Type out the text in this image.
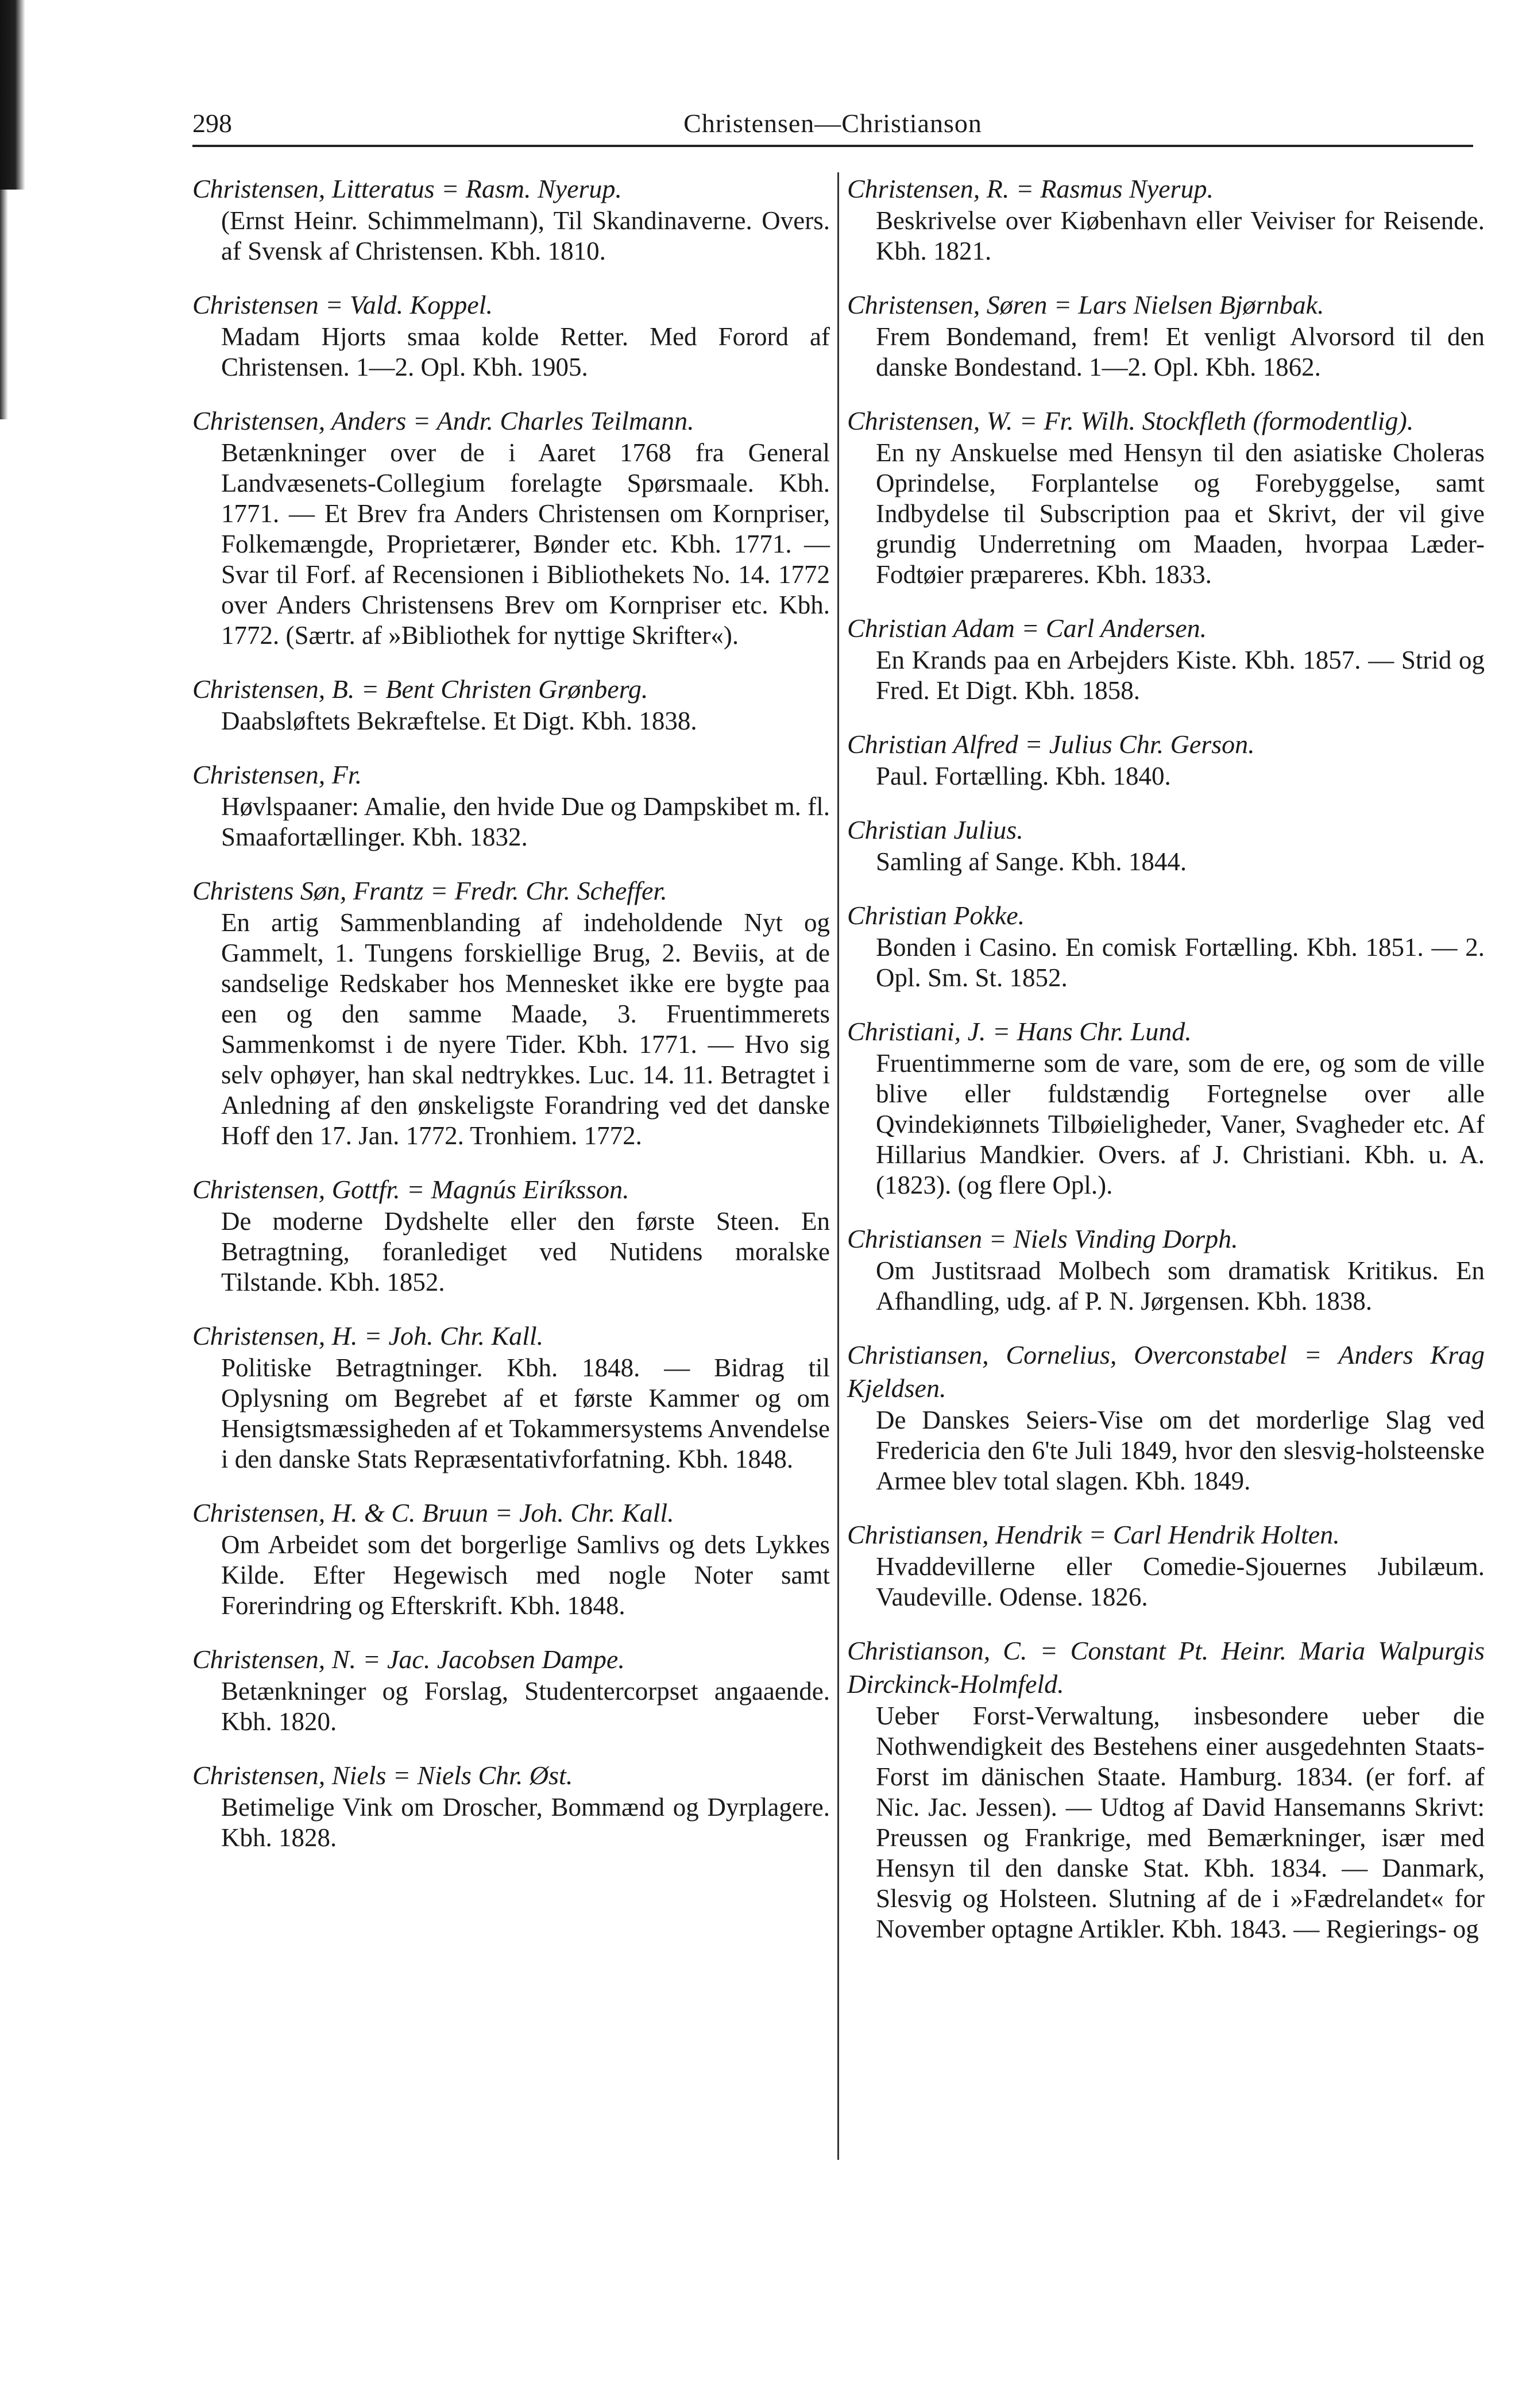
298	Christensen—Christianson
Christensen, Litteratus = Rasm. Nyerup.
(Ernst Heinr. Schimmelmann), Til Skandinaverne. Overs. af Svensk af Christensen. Kbh. 1810.
Christensen = Vald. Koppel.
Madam Hjorts smaa kolde Retter. Med Forord af Christensen. 1—2. Opl. Kbh. 1905.
Christensen, Anders = Andr. Charles Teilmann.
Betænkninger over de i Aaret 1768 fra General Landvæsenets-Collegium forelagte Spørsmaale. Kbh. 1771. — Et Brev fra Anders Christensen om Kornpriser, Folkemængde, Proprietærer, Bønder etc. Kbh. 1771. — Svar til Forf. af Recensionen i Bibliothekets No. 14. 1772 over Anders Christensens Brev om Kornpriser etc. Kbh. 1772. (Særtr. af »Bibliothek for nyttige Skrifter«).
Christensen, B. = Bent Christen Grønberg.
Daabsløftets Bekræftelse. Et Digt. Kbh. 1838.
Christensen, Fr.
Høvlspaaner: Amalie, den hvide Due og Dampskibet m. fl. Smaafortællinger. Kbh. 1832.
Christens Søn, Frantz = Fredr. Chr. Scheffer.
En artig Sammenblanding af indeholdende Nyt og Gammelt, 1. Tungens forskiellige Brug, 2. Beviis, at de sandselige Redskaber hos Mennesket ikke ere bygte paa een og den samme Maade, 3. Fruentimmerets Sammenkomst i de nyere Tider. Kbh. 1771. — Hvo sig selv ophøyer, han skal nedtrykkes. Luc. 14. 11. Betragtet i Anledning af den ønskeligste Forandring ved det danske Hoff den 17. Jan. 1772. Tronhiem. 1772.
Christensen, Gottfr. = Magnús Eiríksson.
De moderne Dydshelte eller den første Steen. En Betragtning, foranlediget ved Nutidens moralske Tilstande. Kbh. 1852.
Christensen, H. = Joh. Chr. Kall.
Politiske Betragtninger. Kbh. 1848. — Bidrag til Oplysning om Begrebet af et første Kammer og om Hensigtsmæssigheden af et Tokammersystems Anvendelse i den danske Stats Repræsentativforfatning. Kbh. 1848.
Christensen, H. & C. Bruun = Joh. Chr. Kall.
Om Arbeidet som det borgerlige Samlivs og dets Lykkes Kilde. Efter Hegewisch med nogle Noter samt Forerindring og Efterskrift. Kbh. 1848.
Christensen, N. = Jac. Jacobsen Dampe.
Betænkninger og Forslag, Studentercorpset angaaende. Kbh. 1820.
Christensen, Niels = Niels Chr. Øst.
Betimelige Vink om Droscher, Bommænd og Dyrplagere. Kbh. 1828.
Christensen, R. = Rasmus Nyerup.
Beskrivelse over Kiøbenhavn eller Veiviser for Reisende. Kbh. 1821.
Christensen, Søren = Lars Nielsen Bjørnbak.
Frem Bondemand, frem! Et venligt Alvorsord til den danske Bondestand. 1—2. Opl. Kbh. 1862.
Christensen, W. = Fr. Wilh. Stockfleth (formodentlig).
En ny Anskuelse med Hensyn til den asiatiske Choleras Oprindelse, Forplantelse og Forebyggelse, samt Indbydelse til Subscription paa et Skrivt, der vil give grundig Underretning om Maaden, hvorpaa Læder-Fodtøier præpareres. Kbh. 1833.
Christian Adam = Carl Andersen.
En Krands paa en Arbejders Kiste. Kbh. 1857. — Strid og Fred. Et Digt. Kbh. 1858.
Christian Alfred = Julius Chr. Gerson.
Paul. Fortælling. Kbh. 1840.
Christian Julius.
Samling af Sange. Kbh. 1844.
Christian Pokke.
Bonden i Casino. En comisk Fortælling. Kbh. 1851. — 2. Opl. Sm. St. 1852.
Christiani, J. = Hans Chr. Lund.
Fruentimmerne som de vare, som de ere, og som de ville blive eller fuldstændig Fortegnelse over alle Qvindekiønnets Tilbøieligheder, Vaner, Svagheder etc. Af Hillarius Mandkier. Overs. af J. Christiani. Kbh. u. A. (1823). (og flere Opl.).
Christiansen = Niels Vinding Dorph.
Om Justitsraad Molbech som dramatisk Kritikus. En Afhandling, udg. af P. N. Jørgensen. Kbh. 1838.
Christiansen, Cornelius, Overconstabel = Anders Krag Kjeldsen.
De Danskes Seiers-Vise om det morderlige Slag ved Fredericia den 6'te Juli 1849, hvor den slesvig-holsteenske Armee blev total slagen. Kbh. 1849.
Christiansen, Hendrik = Carl Hendrik Holten.
Hvaddevillerne eller Comedie-Sjouernes Jubilæum. Vaudeville. Odense. 1826.
Christianson, C. = Constant Pt. Heinr. Maria Walpurgis Dirckinck-Holmfeld.
Ueber Forst-Verwaltung, insbesondere ueber die Nothwendigkeit des Bestehens einer ausgedehnten Staats-Forst im dänischen Staate. Hamburg. 1834. (er forf. af Nic. Jac. Jessen). — Udtog af David Hansemanns Skrivt: Preussen og Frankrige, med Bemærkninger, især med Hensyn til den danske Stat. Kbh. 1834. — Danmark, Slesvig og Holsteen. Slutning af de i »Fædrelandet« for November optagne Artikler. Kbh. 1843. — Regierings- og
